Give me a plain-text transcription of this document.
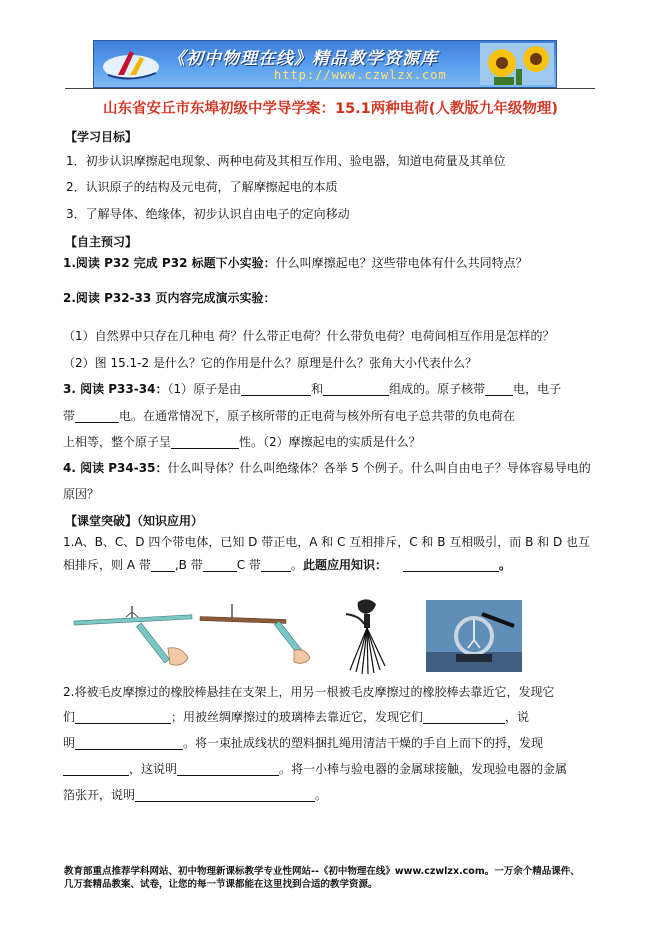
《初中物理在线》精品教学资源库
http://www.czwlzx.com
山东省安丘市东埠初级中学导学案：15.1两种电荷(人教版九年级物理)
【学习目标】
1．初步认识摩擦起电现象、两种电荷及其相互作用、验电器，知道电荷量及其单位
2．认识原子的结构及元电荷，了解摩擦起电的本质
3．了解导体、绝缘体，初步认识自由电子的定向移动
【自主预习】
1.阅读 P32 完成 P32 标题下小实验：什么叫摩擦起电？这些带电体有什么共同特点？
2.阅读 P32-33 页内容完成演示实验：
（1）自然界中只存在几种电 荷？什么带正电荷？什么带负电荷？电荷间相互作用是怎样的？
（2）图 15.1-2 是什么？它的作用是什么？原理是什么？张角大小代表什么？
3. 阅读 P33-34：（1）原子是由	和	组成的。原子核带 电，电子
带	电。在通常情况下，原子核所带的正电荷与核外所有电子总共带的负电荷在
上相等，整个原子呈	性。（2）摩擦起电的实质是什么？
4. 阅读 P34-35：什么叫导体？什么叫绝缘体？各举 5 个例子。什么叫自由电子？导体容易导电的
原因？
【课堂突破】（知识应用）
1.A、B、C、D 四个带电体，已知 D 带正电，A 和 C 互相排斥，C 和 B 互相吸引，而 B 和 D 也互
相排斥，则 A 带 ,B 带	C 带	。此题应用知识：	。
2.将被毛皮摩擦过的橡胶棒悬挂在支架上，用另一根被毛皮摩擦过的橡胶棒去靠近它，发现它
们	；用被丝绸摩擦过的玻璃棒去靠近它，发现它们	，说
明	。将一束扯成线状的塑料捆扎绳用清洁干燥的手自上而下的捋，发现
，这说明	。将一小棒与验电器的金属球接触，发现验电器的金属
箔张开，说明	。
教育部重点推荐学科网站、初中物理新课标教学专业性网站--《初中物理在线》www.czwlzx.com。一万余个精品课件、
几万套精品教案、试卷，让您的每一节课都能在这里找到合适的教学资源。
